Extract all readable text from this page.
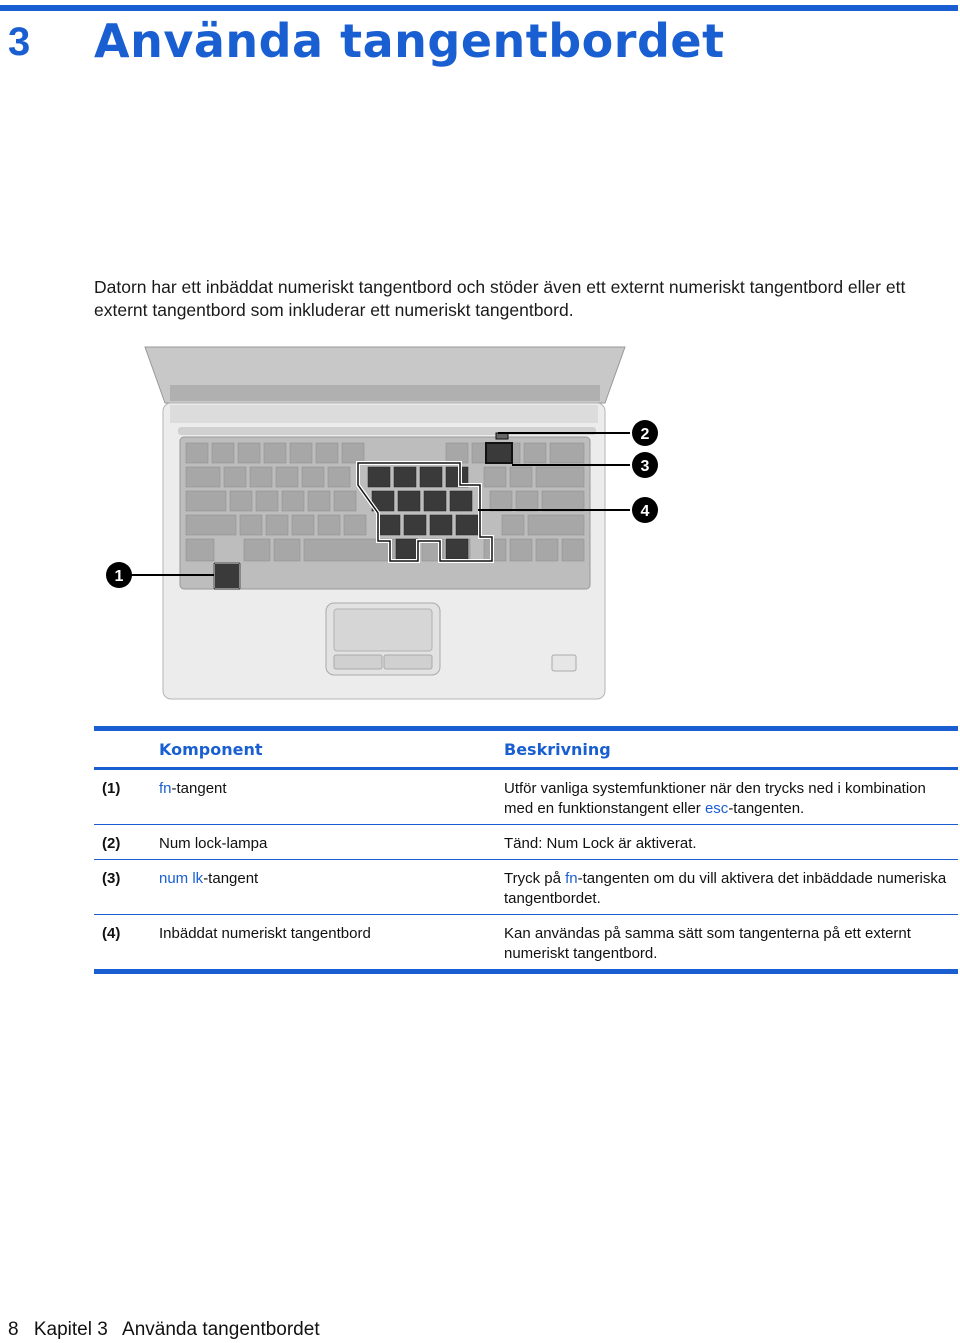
3 Använda tangentbordet
Datorn har ett inbäddat numeriskt tangentbord och stöder även ett externt numeriskt tangentbord eller ett externt tangentbord som inkluderar ett numeriskt tangentbord.
1
2
3
4
Komponent	Beskrivning
(1)	fn-tangent	Utför vanliga systemfunktioner när den trycks ned i kombination med en funktionstangent eller esc-tangenten.
(2)	Num lock-lampa	Tänd: Num Lock är aktiverat.
(3)	num lk-tangent	Tryck på fn-tangenten om du vill aktivera det inbäddade numeriska tangentbordet.
(4)	Inbäddat numeriskt tangentbord	Kan användas på samma sätt som tangenterna på ett externt numeriskt tangentbord.
8 Kapitel 3 Använda tangentbordet
